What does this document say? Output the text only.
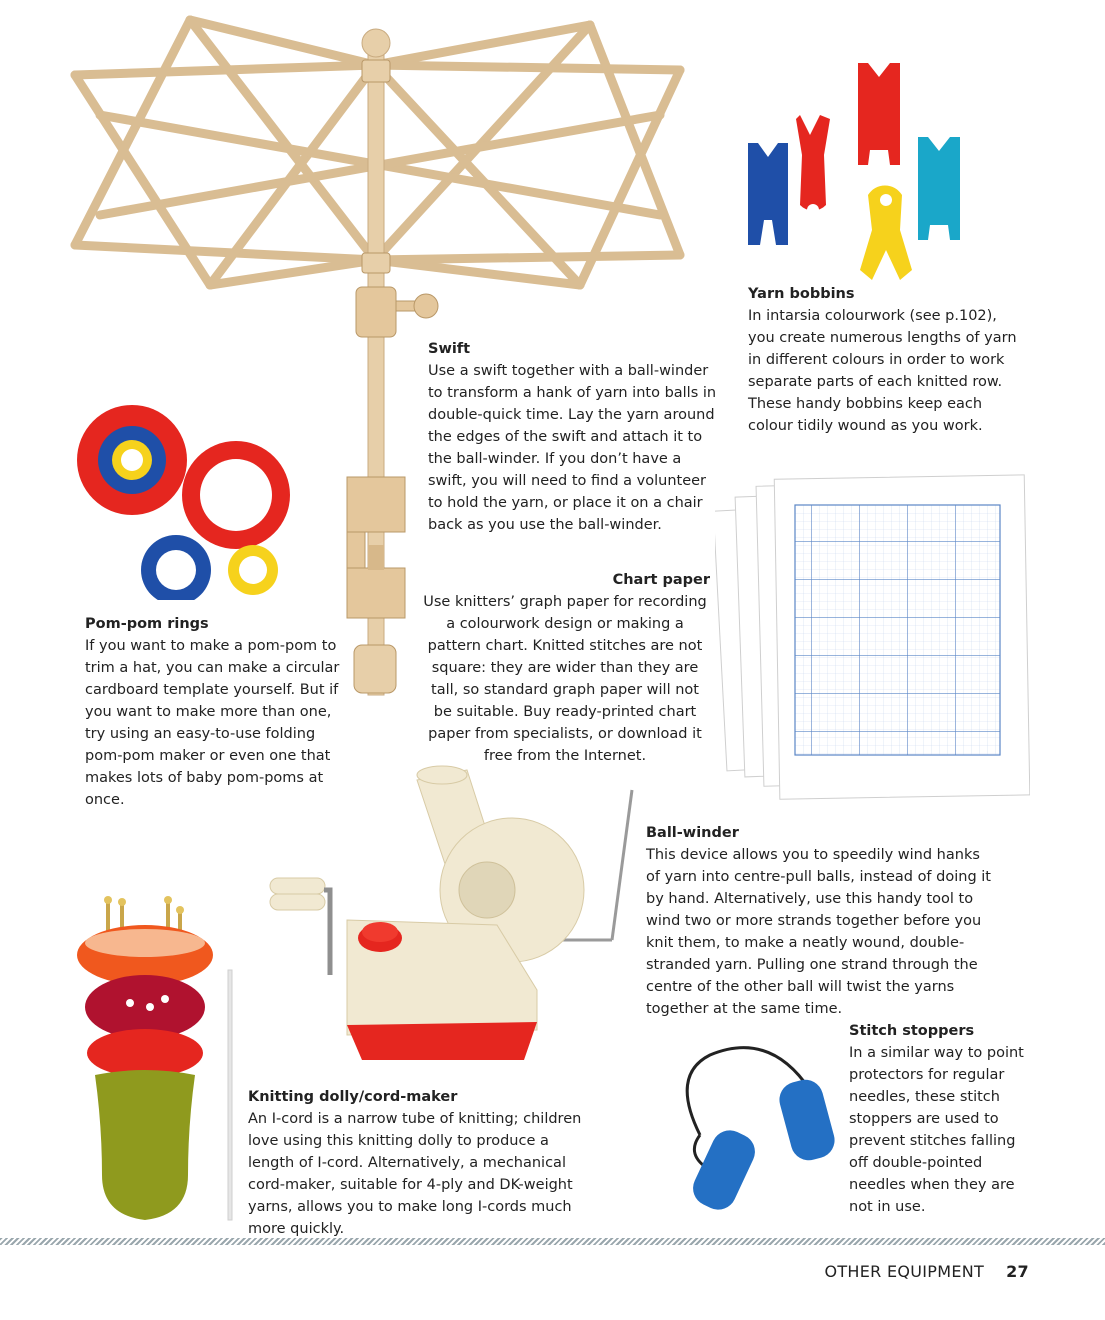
Swift

Use a swift together with a ball-winder to transform a hank of yarn into balls in double-quick time. Lay the yarn around the edges of the swift and attach it to the ball-winder. If you don’t have a swift, you will need to find a volunteer to hold the yarn, or place it on a chair back as you use the ball-winder.

Yarn bobbins

In intarsia colourwork (see p.102), you create numerous lengths of yarn in different colours in order to work separate parts of each knitted row. These handy bobbins keep each colour tidily wound as you work.

Pom-pom rings

If you want to make a pom-pom to trim a hat, you can make a circular cardboard template yourself. But if you want to make more than one, try using an easy-to-use folding pom-pom maker or even one that makes lots of baby pom-poms at once.

Chart paper

Use knitters’ graph paper for recording a colourwork design or making a pattern chart. Knitted stitches are not square: they are wider than they are tall, so standard graph paper will not be suitable. Buy ready-printed chart paper from specialists, or download it free from the Internet.

Ball-winder

This device allows you to speedily wind hanks of yarn into centre-pull balls, instead of doing it by hand. Alternatively, use this handy tool to wind two or more strands together before you knit them, to make a neatly wound, double-stranded yarn. Pulling one strand through the centre of the other ball will twist the yarns together at the same time.

Stitch stoppers

In a similar way to point protectors for regular needles, these stitch stoppers are used to prevent stitches falling off double-pointed needles when they are not in use.

Knitting dolly/cord-maker

An I-cord is a narrow tube of knitting; children love using this knitting dolly to produce a length of I-cord. Alternatively, a mechanical cord-maker, suitable for 4-ply and DK-weight yarns, allows you to make long I-cords much more quickly.

OTHER EQUIPMENT 27
